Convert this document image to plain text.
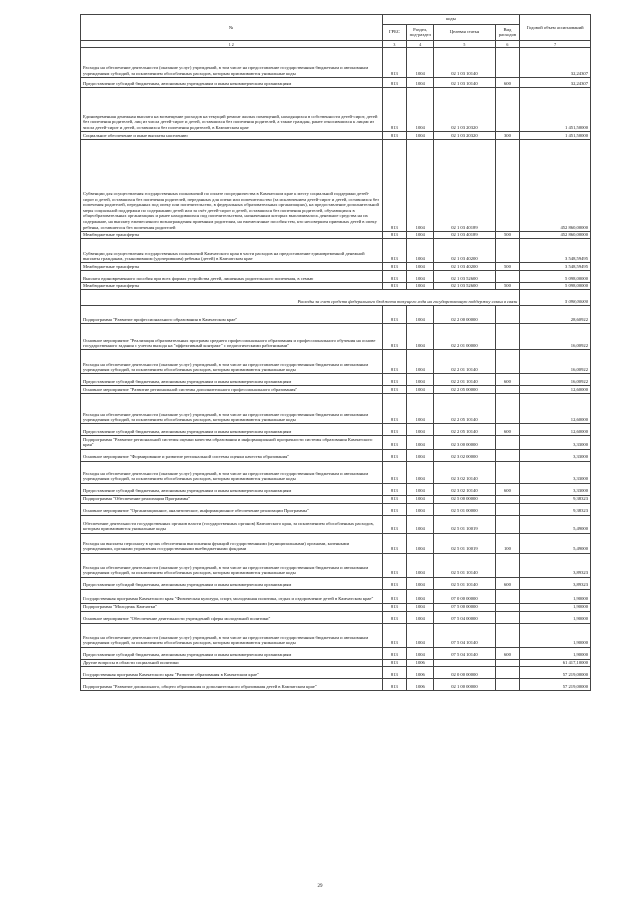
№	коды				Годовой объем ассигнований
	ГРБС	Раздел, под-раздел	Целевая статья	Вид расходов	
1 2	3	4	5	6	7
Расходы на обеспечение деятельности (оказание услуг) учреждений, в том числе на предоставление государственным бюджетным и автономным учреждениям субсидий, за исключением обособленных расходов, которым присваиваются уникальные коды	813	1004	02 1 03 10140		32,24307
Предоставление субсидий бюджетным, автономным учреждениям и иным некоммерческим организациям	813	1004	02 1 03 10140	600	32,24307
Единовременная денежная выплата на возмещение расходов на текущий ремонт жилых помещений, находящихся в собственности детей-сирот, детей без попечения родителей, лиц из числа детей-сирот и детей, оставшихся без попечения родителей, а также граждан, ранее относившихся к лицам из числа детей-сирот и детей, оставшихся без попечения родителей, в Камчатском крае	813	1004	02 1 03 20320		1 451,50000
Социальное обеспечение и иные выплаты населению	813	1004	02 1 03 20320	300	1 451,50000
Субвенции для осуществления государственных полномочий по оплате посредничества в Камчатском крае к месту социальной поддержки детей-сирот и детей, оставшихся без попечения родителей, переданных для опеки или попечительство (за исключением детей-сирот и детей, оставшихся без попечения родителей, переданных под опеку или попечительство, в федеральных образовательных организациях), на предоставление дополнительной меры социальной поддержки по содержанию детей или за счёт детей-сирот и детей, оставшихся без попечения родителей, обучающихся в общеобразовательных организациях и ранее находившихся под попечительством, назначенным которых выплачивалось денежное средства на их содержание, на выплату ежемесячного вознаграждения приемным родителям, на ежемесячные пособия тем, кто несовершен приемных детей в опеку ребенка, оставшегося без попечения родителей	813	1004	02 1 03 40189		452 860,00000
Межбюджетные трансферты	813	1004	02 1 03 40189	500	452 860,00000
Субвенции для осуществления государственных полномочий Камчатского края в части расходов на предоставление единовременной денежной выплаты гражданам, усыновившим (удочерившим) ребенка (детей) в Камчатском крае	813	1004	02 1 03 40200		3 548,59495
Межбюджетные трансферты	813	1004	02 1 03 40200	500	3 548,59495
Выплата единовременного пособия при всех формах устройства детей, лишенных родительского попечения, в семью	813	1004	02 1 03 52600		5 098,00000
Межбюджетные трансферты	813	1004	02 1 03 52600	500	5 098,00000
Расходы за счет средств федерального бюджета текущего года на государственную поддержку семьи в связи					5 098,00000
Подпрограмма "Развитие профессионального образования в Камчатском крае"	813	1004	02 2 00 00000		28,60922
Основное мероприятие "Реализация образовательных программ среднего профессионального образования и профессионального обучения на основе государственного задания с учетом выхода на "эффективный контракт" с педагогическими работниками"	813	1004	02 2 01 00000		16,00922
Расходы на обеспечение деятельности (оказание услуг) учреждений, в том числе на предоставление государственным бюджетным и автономным учреждениям субсидий, за исключением обособленных расходов, которым присваиваются уникальные коды	813	1004	02 2 01 10140		16,00922
Предоставление субсидий бюджетным, автономным учреждениям и иным некоммерческим организациям	813	1004	02 2 01 10140	600	16,00922
Основное мероприятие "Развитие региональной системы дополнительного профессионального образования"	813	1004	02 2 05 00000		12,60000
Расходы на обеспечение деятельности (оказание услуг) учреждений, в том числе на предоставление государственным бюджетным и автономным учреждениям субсидий, за исключением обособленных расходов, которым присваиваются уникальные коды	813	1004	02 2 05 10140		12,60000
Предоставление субсидий бюджетным, автономным учреждениям и иным некоммерческим организациям	813	1004	02 2 05 10140	600	12,60000
Подпрограмма "Развитие региональной системы оценки качества образования и информационной прозрачности системы образования Камчатского края"	813	1004	02 3 00 00000		3,33000
Основное мероприятие "Формирование и развитие региональной системы оценки качества образования"	813	1004	02 3 02 00000		3,33000
Расходы на обеспечение деятельности (оказание услуг) учреждений, в том числе на предоставление государственным бюджетным и автономным учреждениям субсидий, за исключением обособленных расходов, которым присваиваются уникальные коды	813	1004	02 3 02 10140		3,33000
Предоставление субсидий бюджетным, автономным учреждениям и иным некоммерческим организациям	813	1004	02 3 02 10140	600	3,33000
Подпрограмма "Обеспечение реализации Программы"	813	1004	02 5 00 00000		9,38323
Основное мероприятие "Организационное, аналитическое, информационное обеспечение реализации Программы"	813	1004	02 5 01 00000		9,38323
Обеспечение деятельности государственных органов власти (государственных органов) Камчатского края, за исключением обособленных расходов, которым присваиваются уникальные коды	813	1004	02 5 01 10019		5,49000
Расходы на выплаты персоналу в целях обеспечения выполнения функций государственными (муниципальными) органами, казенными учреждениями, органами управления государственными внебюджетными фондами	813	1004	02 5 01 10019	100	5,49000
Расходы на обеспечение деятельности (оказание услуг) учреждений, в том числе на предоставление государственным бюджетным и автономным учреждениям субсидий, за исключением обособленных расходов, которым присваиваются уникальные коды	813	1004	02 5 01 10140		3,89323
Предоставление субсидий бюджетным, автономным учреждениям и иным некоммерческим организациям	813	1004	02 5 01 10140	600	3,89323
Государственная программа Камчатского края "Физическая культура, спорт, молодежная политика, отдых и оздоровление детей в Камчатском крае"	813	1004	07 0 00 00000		1,90000
Подпрограмма "Молодежь Камчатки"	813	1004	07 5 00 00000		1,90000
Основное мероприятие "Обеспечение деятельности учреждений сферы молодежной политики"	813	1004	07 5 04 00000		1,90000
Расходы на обеспечение деятельности (оказание услуг) учреждений, в том числе на предоставление государственным бюджетным и автономным учреждениям субсидий, за исключением обособленных расходов, которым присваиваются уникальные коды	813	1004	07 5 04 10140		1,90000
Предоставление субсидий бюджетным, автономным учреждениям и иным некоммерческим организациям	813	1004	07 5 04 10140	600	1,90000
Другие вопросы в области социальной политики	813	1006			61 417,10000
Государственная программа Камчатского края "Развитие образования в Камчатском крае"	813	1006	02 0 00 00000		57 219,00000
Подпрограмма "Развитие дошкольного, общего образования и дополнительного образования детей в Камчатском крае"	813	1006	02 1 00 00000		57 219,00000
29
